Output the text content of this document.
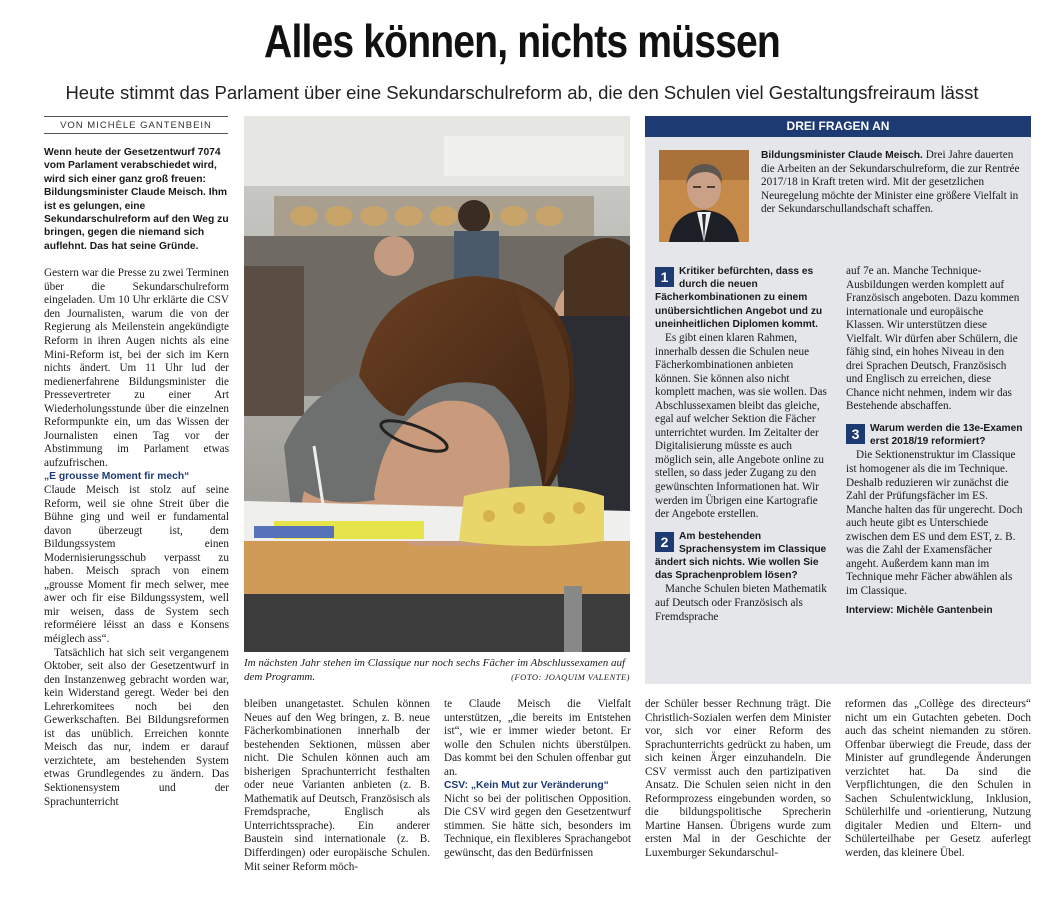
Alles können, nichts müssen
Heute stimmt das Parlament über eine Sekundarschulreform ab, die den Schulen viel Gestaltungsfreiraum lässt
VON MICHÈLE GANTENBEIN

Wenn heute der Gesetzentwurf 7074 vom Parlament verabschiedet wird, wird sich einer ganz groß freuen: Bildungsminister Claude Meisch. Ihm ist es gelungen, eine Sekundarschulreform auf den Weg zu bringen, gegen die niemand sich auflehnt. Das hat seine Gründe.

Gestern war die Presse zu zwei Terminen über die Sekundarschulreform eingeladen. Um 10 Uhr erklärte die CSV den Journalisten, warum die von der Regierung als Meilenstein angekündigte Reform in ihren Augen nichts als eine Mini-Reform ist, bei der sich im Kern nichts ändert. Um 11 Uhr lud der medienerfahrene Bildungsminister die Pressevertreter zu einer Art Wiederholungsstunde über die einzelnen Reformpunkte ein, um das Wissen der Journalisten einen Tag vor der Abstimmung im Parlament etwas aufzufrischen.

„E grousse Moment fir mech“

Claude Meisch ist stolz auf seine Reform, weil sie ohne Streit über die Bühne ging und weil er fundamental davon überzeugt ist, dem Bildungssystem einen Modernisierungsschub verpasst zu haben. Meisch sprach von einem „grousse Moment fir mech selwer, mee awer och fir eise Bildungssystem, well mir weisen, dass de System sech reforméiere léisst an dass e Konsens méiglech ass“.

Tatsächlich hat sich seit vergangenem Oktober, seit also der Gesetzentwurf in den Instanzenweg gebracht worden war, kein Widerstand geregt. Weder bei den Lehrerkomitees noch bei den Gewerkschaften. Bei Bildungsreformen ist das unüblich. Erreichen konnte Meisch das nur, indem er darauf verzichtete, am bestehenden System etwas Grundlegendes zu ändern. Das Sektionensystem und der Sprachunterricht

Im nächsten Jahr stehen im Classique nur noch sechs Fächer im Abschlussexamen auf dem Programm.	(FOTO: JOAQUIM VALENTE)
DREI FRAGEN AN
Bildungsminister Claude Meisch. Drei Jahre dauerten die Arbeiten an der Sekundarschulreform, die zur Rentrée 2017/18 in Kraft treten wird. Mit der gesetzlichen Neuregelung möchte der Minister eine größere Vielfalt in der Sekundarschullandschaft schaffen.
1	Kritiker befürchten, dass es durch die neuen Fächerkombinationen zu einem unübersichtlichen Angebot und zu uneinheitlichen Diplomen kommt.

Es gibt einen klaren Rahmen, innerhalb dessen die Schulen neue Fächerkombinationen anbieten können. Sie können also nicht komplett machen, was sie wollen. Das Abschlussexamen bleibt das gleiche, egal auf welcher Sektion die Fächer unterrichtet wurden. Im Zeitalter der Digitalisierung müsste es auch möglich sein, alle Angebote online zu stellen, so dass jeder Zugang zu den gewünschten Informationen hat. Wir werden im Übrigen eine Kartografie der Angebote erstellen.

2	Am bestehenden Sprachensystem im Classique ändert sich nichts. Wie wollen Sie das Sprachenproblem lösen?

Manche Schulen bieten Mathematik auf Deutsch oder Französisch als Fremdsprache

auf 7e an. Manche Technique-Ausbildungen werden komplett auf Französisch angeboten. Dazu kommen internationale und europäische Klassen. Wir unterstützen diese Vielfalt. Wir dürfen aber Schülern, die fähig sind, ein hohes Niveau in den drei Sprachen Deutsch, Französisch und Englisch zu erreichen, diese Chance nicht nehmen, indem wir das Bestehende abschaffen.

3	Warum werden die 13e-Examen erst 2018/19 reformiert?

Die Sektionenstruktur im Classique ist homogener als die im Technique. Deshalb reduzieren wir zunächst die Zahl der Prüfungsfächer im ES. Manche halten das für ungerecht. Doch auch heute gibt es Unterschiede zwischen dem ES und dem EST, z. B. was die Zahl der Examensfächer angeht. Außerdem kann man im Technique mehr Fächer abwählen als im Classique.

Interview: Michèle Gantenbein

bleiben unangetastet. Schulen können Neues auf den Weg bringen, z. B. neue Fächerkombinationen innerhalb der bestehenden Sektionen, müssen aber nicht. Die Schulen können auch am bisherigen Sprachunterricht festhalten oder neue Varianten anbieten (z. B. Mathematik auf Deutsch, Französisch als Fremdsprache, Englisch als Unterrichtssprache). Ein anderer Baustein sind internationale (z. B. Differdingen) oder europäische Schulen. Mit seiner Reform möch-

te Claude Meisch die Vielfalt unterstützen, „die bereits im Entstehen ist“, wie er immer wieder betont. Er wolle den Schulen nichts überstülpen. Das kommt bei den Schulen offenbar gut an.

CSV: „Kein Mut zur Veränderung“

Nicht so bei der politischen Opposition. Die CSV wird gegen den Gesetzentwurf stimmen. Sie hätte sich, besonders im Technique, ein flexibleres Sprachangebot gewünscht, das den Bedürfnissen

der Schüler besser Rechnung trägt. Die Christlich-Sozialen werfen dem Minister vor, sich vor einer Reform des Sprachunterrichts gedrückt zu haben, um sich keinen Ärger einzuhandeln. Die CSV vermisst auch den partizipativen Ansatz. Die Schulen seien nicht in den Reformprozess eingebunden worden, so die bildungspolitische Sprecherin Martine Hansen. Übrigens wurde zum ersten Mal in der Geschichte der Luxemburger Sekundarschul-

reformen das „Collège des directeurs“ nicht um ein Gutachten gebeten. Doch auch das scheint niemanden zu stören. Offenbar überwiegt die Freude, dass der Minister auf grundlegende Änderungen verzichtet hat. Da sind die Verpflichtungen, die den Schulen in Sachen Schulentwicklung, Inklusion, Schülerhilfe und -orientierung, Nutzung digitaler Medien und Eltern- und Schülerteilhabe per Gesetz auferlegt werden, das kleinere Übel.
